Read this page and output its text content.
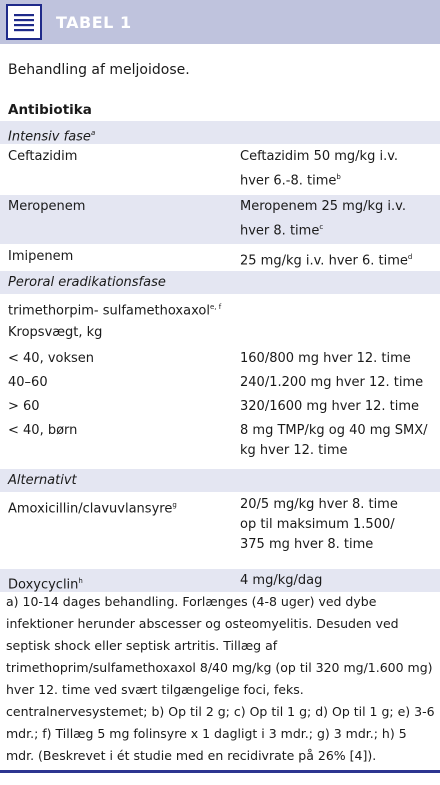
TABEL 1
Behandling af meljoidose.
Antibiotika
Intensiv fase$^a$
Ceftazidim	Ceftazidim 50 mg/kg i.v.
hver 6.-8. time$^b$
Meropenem	Meropenem 25 mg/kg i.v.
hver 8. time$^c$
Imipenem	25 mg/kg i.v. hver 6. time$^d$
Peroral eradikationsfase
trimethorpim- sulfamethoxaxol$^{e, f}$
Kropsvægt, kg
< 40, voksen	160/800 mg hver 12. time
40–60	240/1.200 mg hver 12. time
> 60	320/1600 mg hver 12. time
< 40, børn	8 mg TMP/kg og 40 mg SMX/
kg hver 12. time
Alternativt
Amoxicillin/clavuvlansyre$^g$	20/5 mg/kg hver 8. time
op til maksimum 1.500/
375 mg hver 8. time
Doxycyclin$^h$	4 mg/kg/dag
a) 10-14 dages behandling. Forlænges (4-8 uger) ved dybe infektioner herunder abscesser og osteomyelitis. Desuden ved septisk shock eller septisk artritis. Tillæg af trimethoprim/sulfamethoxaxol 8/40 mg/kg (op til 320 mg/1.600 mg) hver 12. time ved svært tilgængelige foci, feks. centralnervesystemet; b) Op til 2 g; c) Op til 1 g; d) Op til 1 g; e) 3-6 mdr.; f) Tillæg 5 mg folinsyre x 1 dagligt i 3 mdr.; g) 3 mdr.; h) 5 mdr. (Beskrevet i ét studie med en recidivrate på 26% [4]).
